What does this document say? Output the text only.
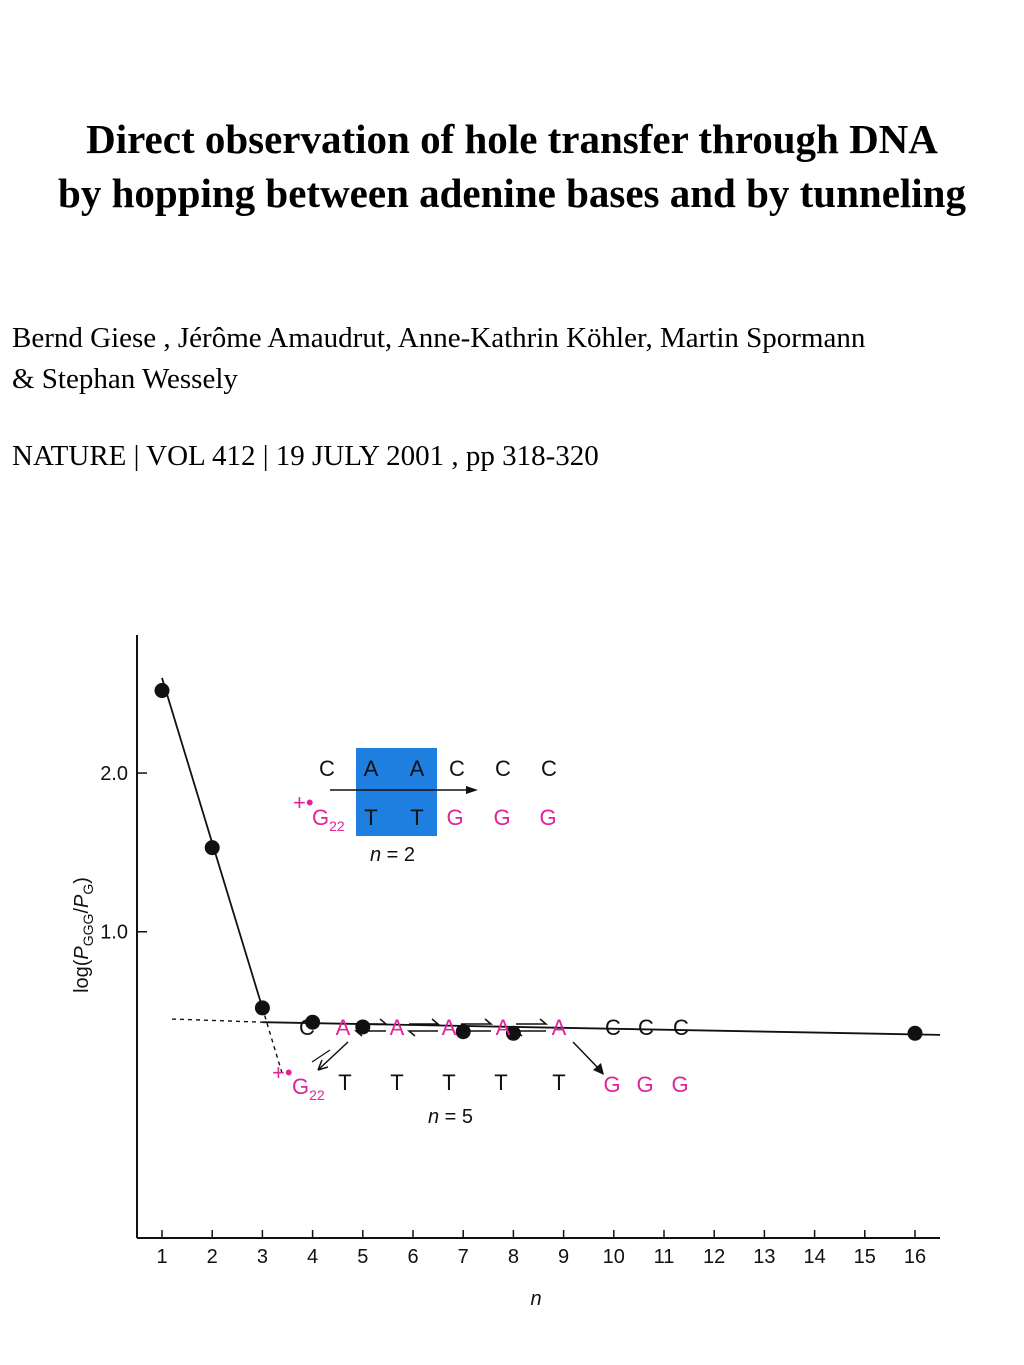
Direct observation of hole transfer through DNA
by hopping between adenine bases and by tunneling
Bernd Giese , Jérôme Amaudrut, Anne-Kathrin Köhler, Martin Spormann
& Stephan Wessely
NATURE | VOL 412 | 19 JULY 2001 , pp 318-320
1 2 3 4 5 6 7 8 9 10 11 12 13 14 15 16
1.0
2.0
n
$\log(P_{GGG}/P_G)$
C A A C C C
+•
$G_{22}$ T T G G G
n = 2
C A A A A A C C C
+•
$G_{22}$ T T T T T G G G
n = 5
